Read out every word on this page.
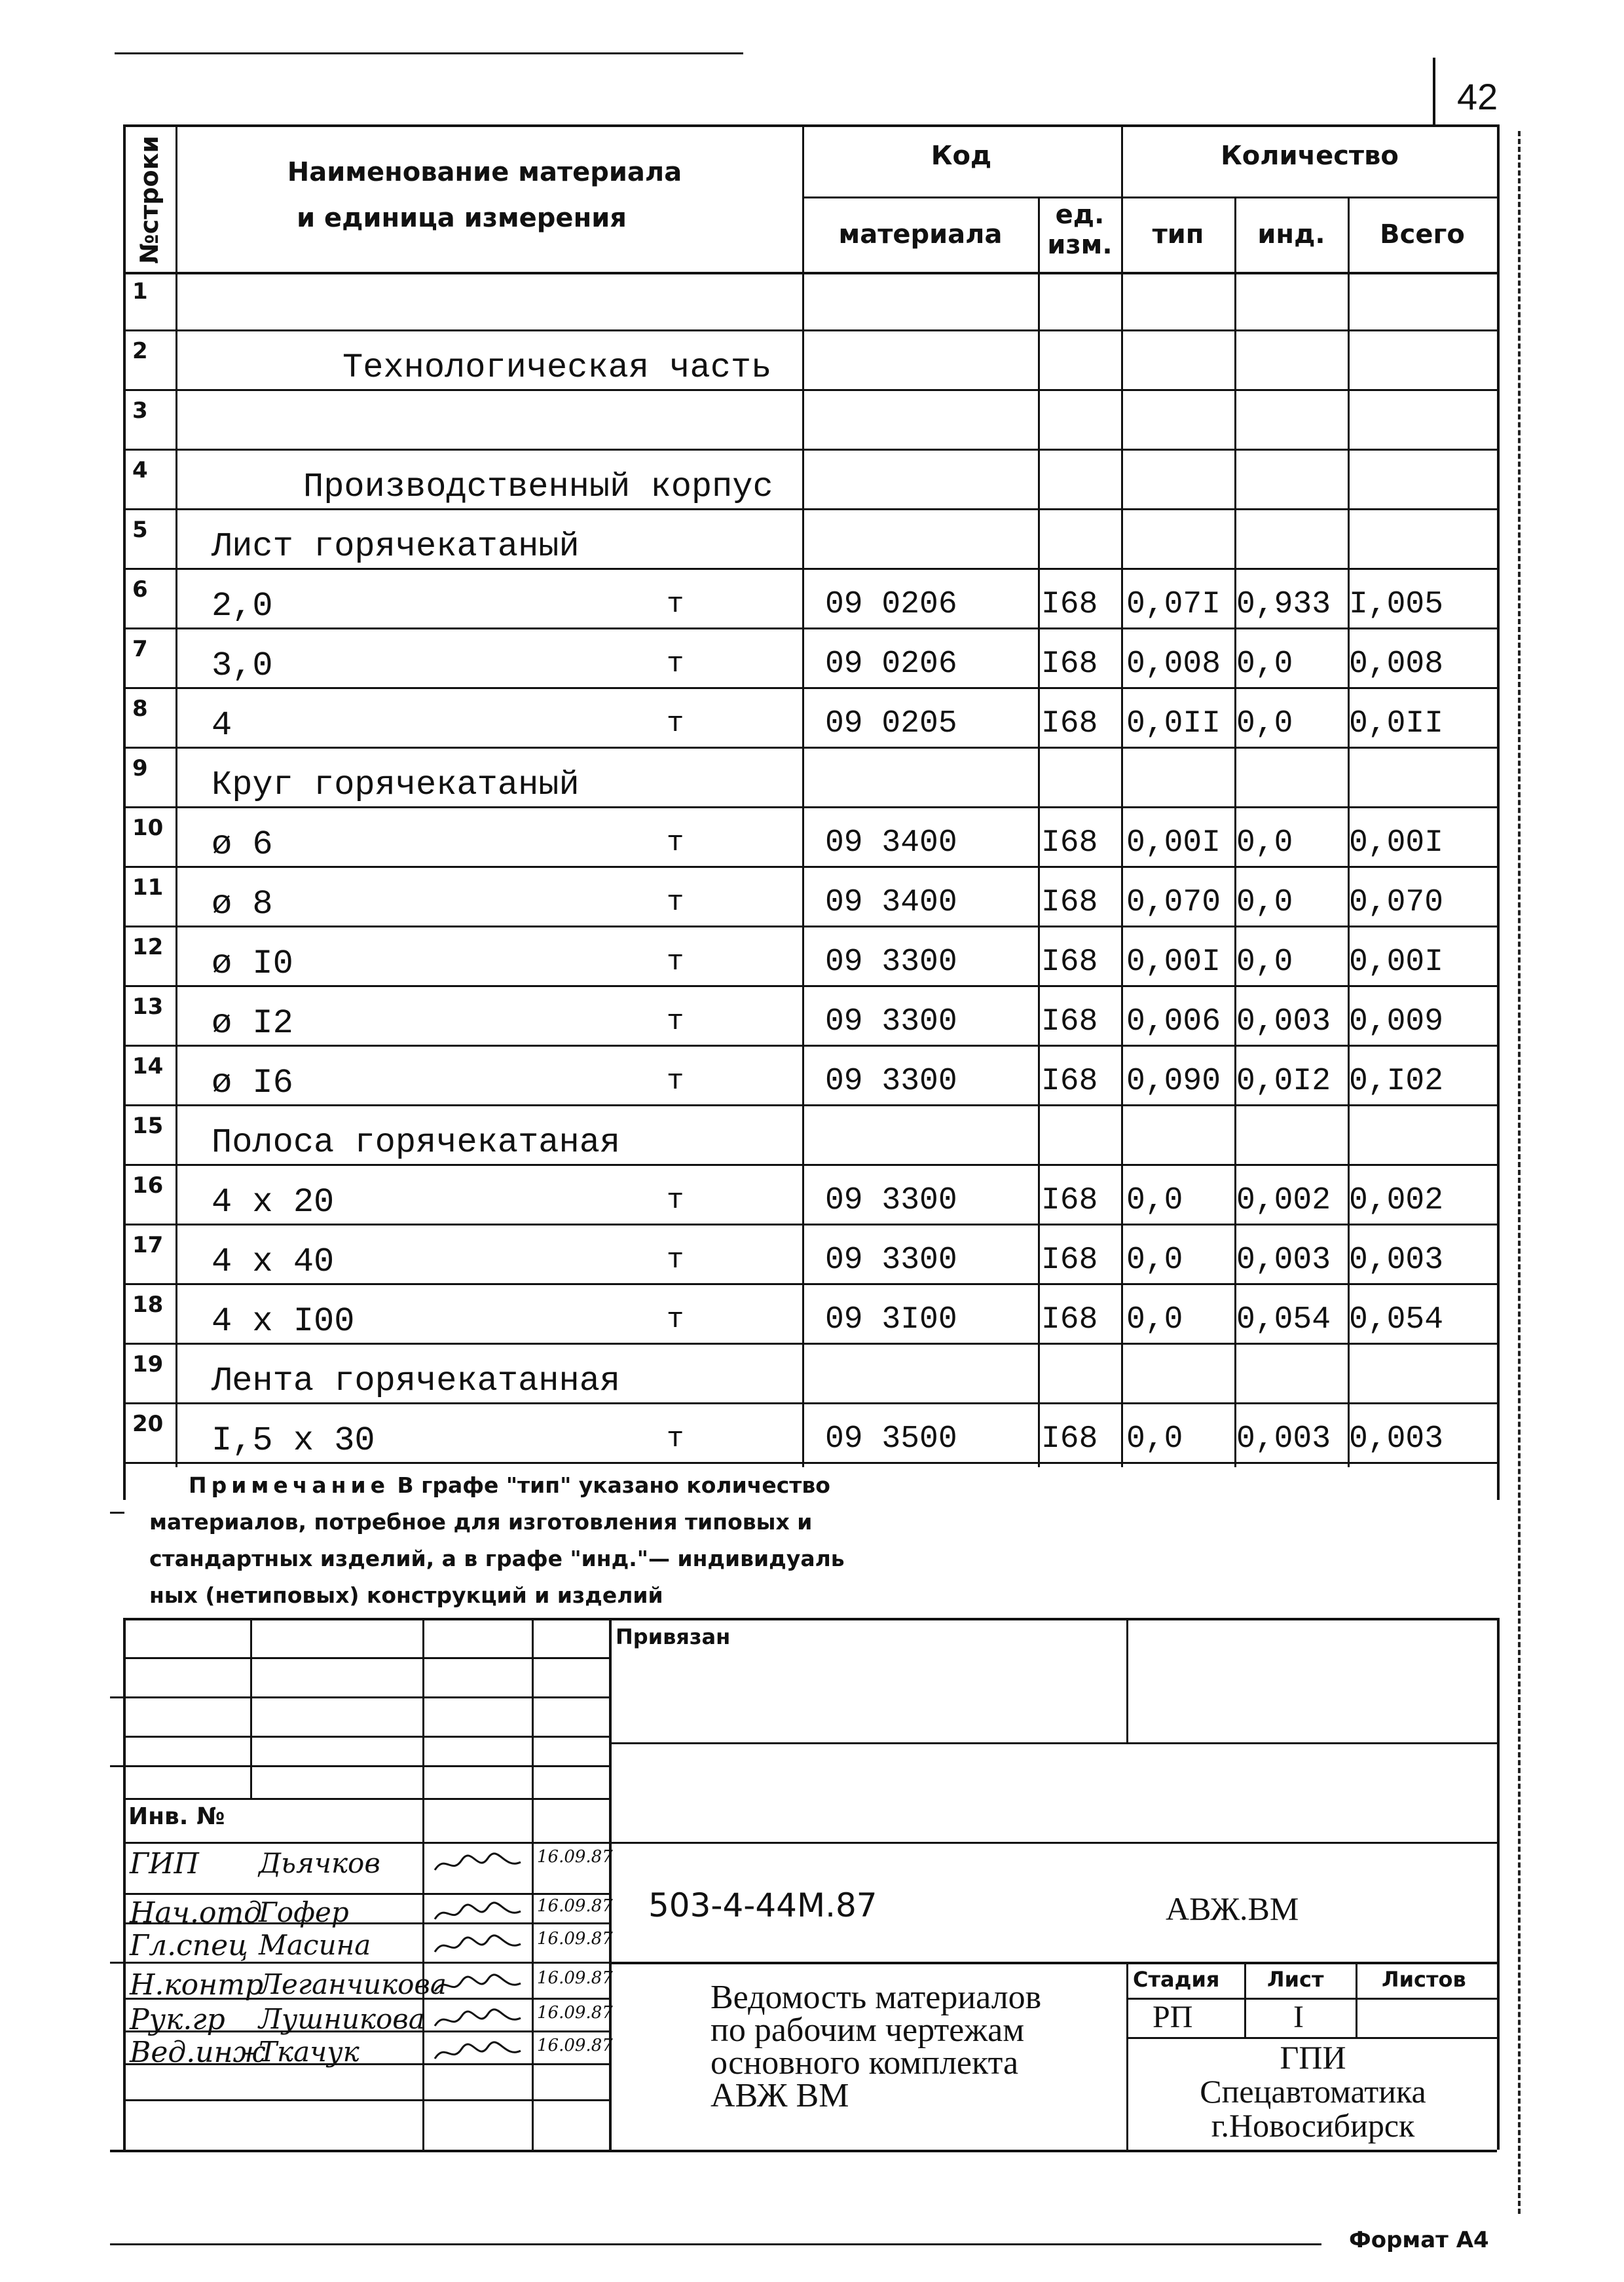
42
№строки	Наименование материала
и единица измерения
Код	Количество
материала
ед.
изм.	тип	инд.	Всего
1
2	Технологическая часть
3
4	Производственный корпус
5 Лист горячекатаный
6 2,0	т	09 0206	I68 0,07I 0,933 I,005
7 3,0	т	09 0206	I68 0,008 0,0 0,008
8 4	т	09 0205	I68 0,0II 0,0 0,0II
9 Круг горячекатаный
10 ø 6	т	09 3400	I68 0,00I 0,0 0,00I
11 ø 8	т	09 3400	I68 0,070 0,0 0,070
12 ø I0	т	09 3300	I68 0,00I 0,0 0,00I
13 ø I2	т	09 3300	I68 0,006 0,003 0,009
14 ø I6	т	09 3300	I68 0,090 0,0I2 0,I02
15 Полоса горячекатаная
16 4 x 20	т	09 3300	I68 0,0 0,002 0,002
17 4 x 40	т	09 3300	I68 0,0 0,003 0,003
18 4 x I00	т	09 3I00	I68 0,0 0,054 0,054
19 Лента горячекатанная
20 I,5 x 30	т	09 3500	I68 0,0 0,003 0,003
Примечание В графе "тип" указано количество
материалов, потребное для изготовления типовых и
стандартных изделий, а в графе "инд."— индивидуаль
ных (нетиповых) конструкций и изделий
Привязан
Инв. №
503-4-44М.87	АВЖ.ВМ
Ведомость материалов
по рабочим чертежам
основного комплекта
АВЖ ВМ
Стадия Лист	Листов
РП	I
ГПИ
Спецавтоматика
г.Новосибирск
ГИП Дьячков	16.09.87
Нач.отд
Гофер	16.09.87
Гл.спец Масина	16.09.87
Н.контр
Леганчикова	16.09.87
Рук.гр Лушникова	16.09.87
Вед.инж
Ткачук	16.09.87
Формат А4
